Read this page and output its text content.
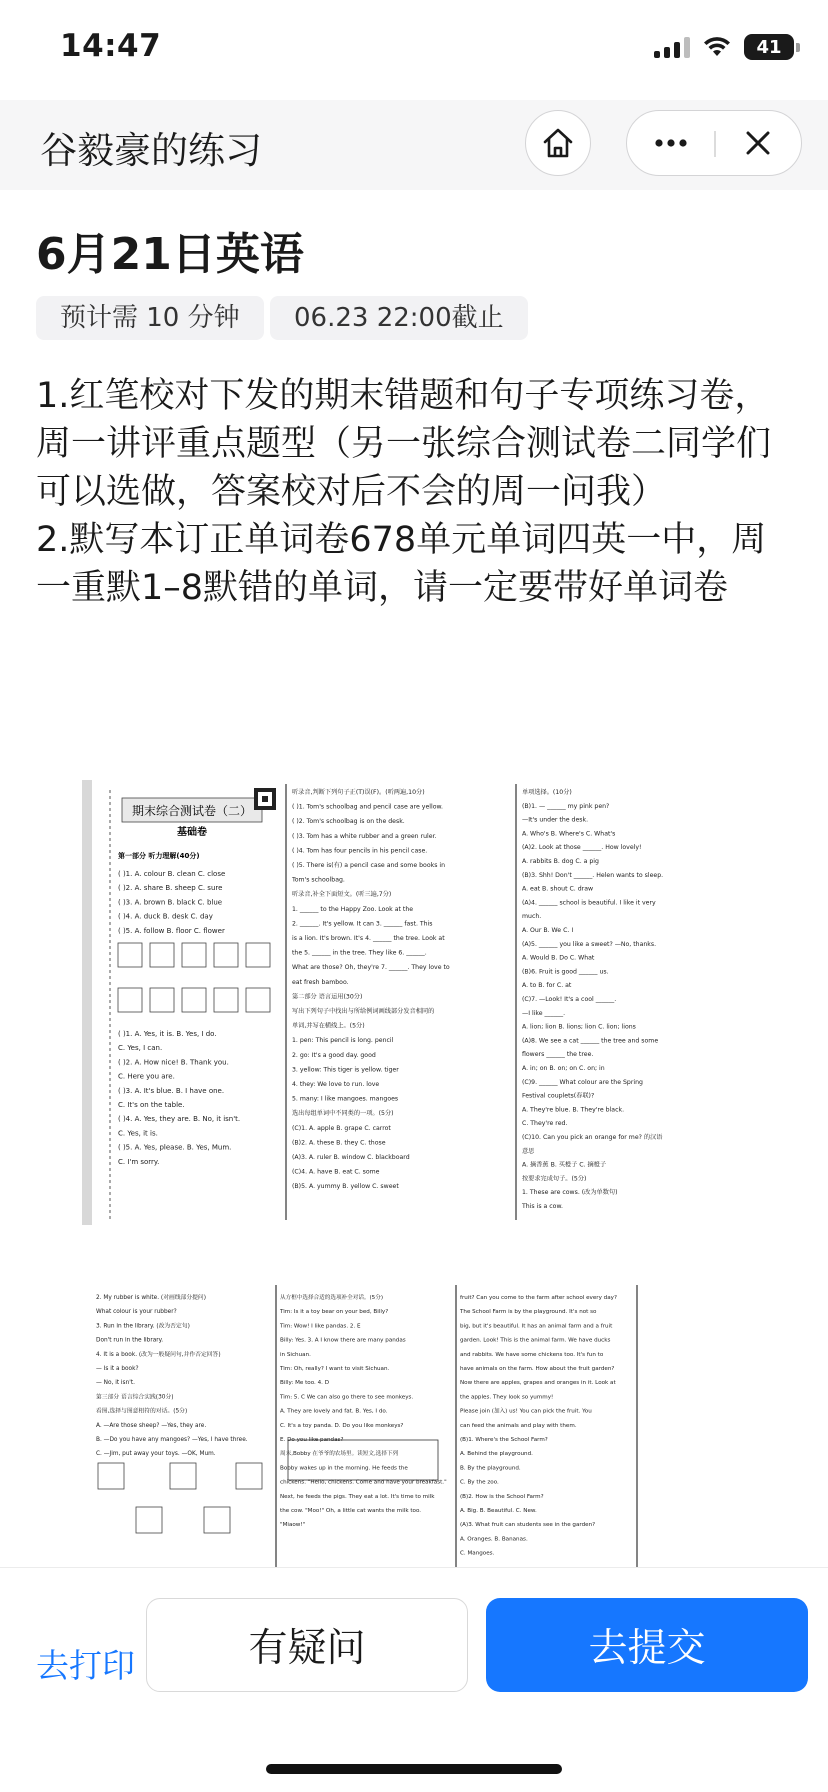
14:47	41
谷毅豪的练习
6月21日英语
预计需 10 分钟	06.23 22:00截止

1.红笔校对下发的期末错题和句子专项练习卷，周一讲评重点题型（另一张综合测试卷二同学们可以选做，答案校对后不会的周一问我）

2.默写本订正单词卷678单元单词四英一中，周一重默1–8默错的单词，请一定要带好单词卷

期末综合测试卷（二）
基础卷
( )1. A. colour B. clean C. close
( )2. A. share B. sheep C. sure
( )3. A. brown B. black C. blue
( )4. A. duck B. desk C. day
( )5. A. follow B. floor C. flower
第一部分 听力理解(40分)
( )1. A. Yes, it is. B. Yes, I do.
C. Yes, I can.
( )2. A. How nice! B. Thank you.
C. Here you are.
( )3. A. It's blue. B. I have one.
C. It's on the table.
( )4. A. Yes, they are. B. No, it isn't.
C. Yes, it is.
( )5. A. Yes, please. B. Yes, Mum.
C. I'm sorry.
听录音,判断下列句子正(T)误(F)。(听两遍,10分)
( )1. Tom's schoolbag and pencil case are yellow.
( )2. Tom's schoolbag is on the desk.
( )3. Tom has a white rubber and a green ruler.
( )4. Tom has four pencils in his pencil case.
( )5. There is(有) a pencil case and some books in
Tom's schoolbag.
听录音,补全下面短文。(听三遍,7分)
1. ______ to the Happy Zoo. Look at the
2. ______. It's yellow. It can 3. ______ fast. This
is a lion. It's brown. It's 4. ______ the tree. Look at
the 5. ______ in the tree. They like 6. ______.
What are those? Oh, they're 7. ______. They love to
eat fresh bamboo.
第二部分 语言运用(30分)
写出下列句子中找出与所给例词画线部分发音相同的
单词,并写在横线上。(5分)
1. pen: This pencil is long. pencil
2. go: It's a good day. good
3. yellow: This tiger is yellow. tiger
4. they: We love to run. love
5. many: I like mangoes. mangoes
选出每组单词中不同类的一项。(5分)
(C)1. A. apple B. grape C. carrot
(B)2. A. these B. they C. those
(A)3. A. ruler B. window C. blackboard
(C)4. A. have B. eat C. some
(B)5. A. yummy B. yellow C. sweet
单项选择。(10分)
(B)1. — ______ my pink pen?
—It's under the desk.
A. Who's B. Where's C. What's
(A)2. Look at those ______. How lovely!
A. rabbits B. dog C. a pig
(B)3. Shh! Don't ______. Helen wants to sleep.
A. eat B. shout C. draw
(A)4. ______ school is beautiful. I like it very
much.
A. Our B. We C. I
(A)5. ______ you like a sweet? —No, thanks.
A. Would B. Do C. What
(B)6. Fruit is good ______ us.
A. to B. for C. at
(C)7. —Look! It's a cool ______.
—I like ______.
A. lion; lion B. lions; lion C. lion; lions
(A)8. We see a cat ______ the tree and some
flowers ______ the tree.
A. in; on B. on; on C. on; in
(C)9. ______ What colour are the Spring
Festival couplets(春联)?
A. They're blue. B. They're black.
C. They're red.
(C)10. Can you pick an orange for me? 的汉语
意思
A. 摘香蕉 B. 买橙子 C. 摘橙子
按要求完成句子。(5分)
1. These are cows. (改为单数句)
This is a cow.
2. My rubber is white. (对画线部分提问)
What colour is your rubber?
3. Run in the library. (改为否定句)
Don't run in the library.
4. It is a book. (改为一般疑问句,并作否定回答)
— Is it a book?
— No, it isn't.
第三部分 语言综合实践(30分)
看图,选择与图意相符的对话。(5分)
A. —Are those sheep? —Yes, they are.
B. —Do you have any mangoes? —Yes, I have three.
C. —Jim, put away your toys. —OK, Mum.
从方框中选择合适的选项补全对话。(5分)
Tim: Is it a toy bear on your bed, Billy?
Tim: Wow! I like pandas. 2. E
Billy: Yes. 3. A I know there are many pandas
in Sichuan.
Tim: Oh, really? I want to visit Sichuan.
Billy: Me too. 4. D
Tim: 5. C We can also go there to see monkeys.
A. They are lovely and fat. B. Yes, I do.
C. It's a toy panda. D. Do you like monkeys?
E. Do you like pandas?
周末,Bobby 在爷爷的农场里。读短文,选择下列
Bobby wakes up in the morning. He feeds the
chickens. "Hello, chickens. Come and have your breakfast."
Next, he feeds the pigs. They eat a lot. It's time to milk
the cow. "Moo!" Oh, a little cat wants the milk too.
"Miaow!"
fruit? Can you come to the farm after school every day?
The School Farm is by the playground. It's not so
big, but it's beautiful. It has an animal farm and a fruit
garden. Look! This is the animal farm. We have ducks
and rabbits. We have some chickens too. It's fun to
have animals on the farm. How about the fruit garden?
Now there are apples, grapes and oranges in it. Look at
the apples. They look so yummy!
Please join (加入) us! You can pick the fruit. You
can feed the animals and play with them.
(B)1. Where's the School Farm?
A. Behind the playground.
B. By the playground.
C. By the zoo.
(B)2. How is the School Farm?
A. Big. B. Beautiful. C. New.
(A)3. What fruit can students see in the garden?
A. Oranges. B. Bananas.
C. Mangoes.
去打印	有疑问	去提交
